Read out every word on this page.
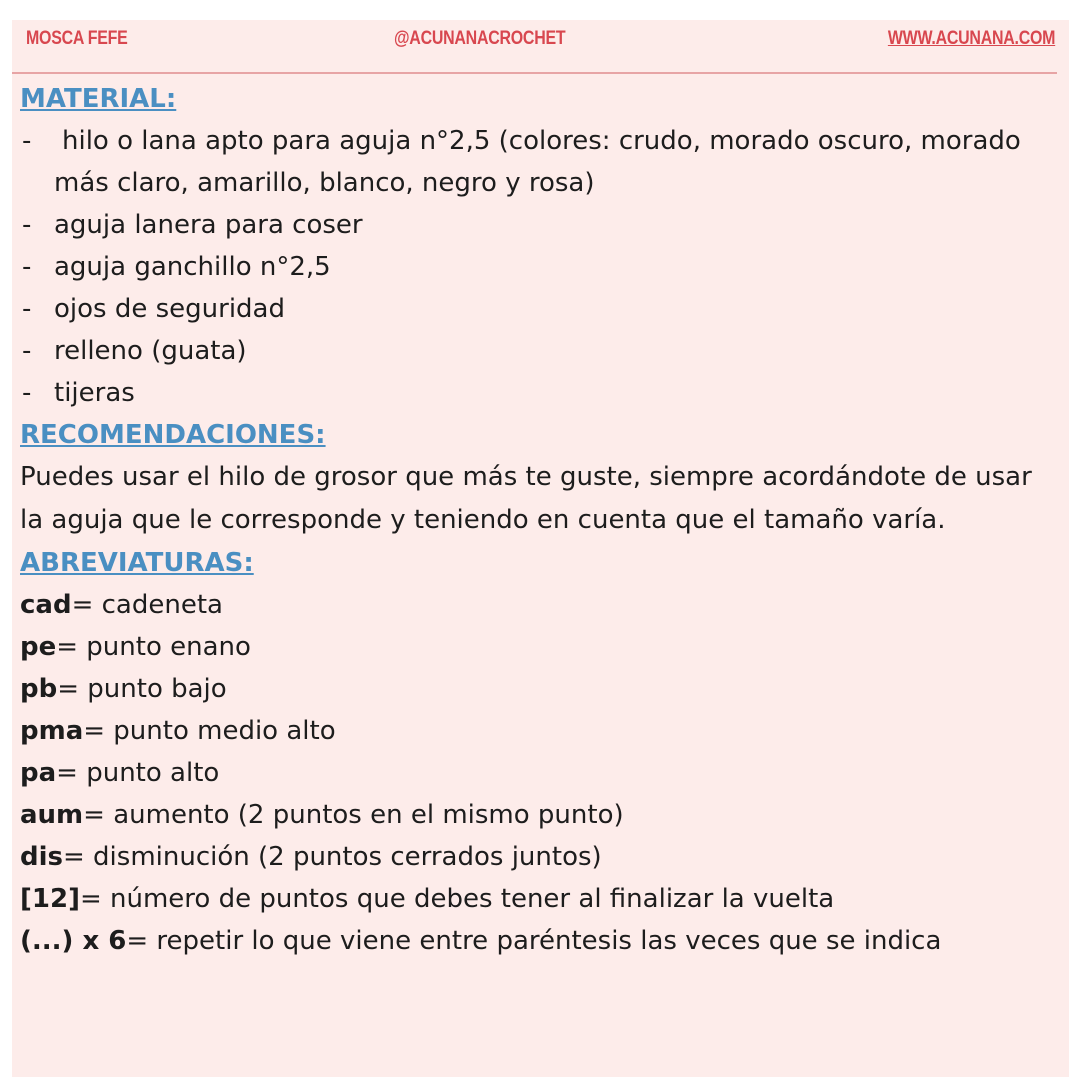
MOSCA FEFE	@ACUNANACROCHET	WWW.ACUNANA.COM
MATERIAL:
- hilo o lana apto para aguja n°2,5 (colores: crudo, morado oscuro, morado más claro, amarillo, blanco, negro y rosa)
- aguja lanera para coser
- aguja ganchillo n°2,5
- ojos de seguridad
- relleno (guata)
- tijeras
RECOMENDACIONES:

Puedes usar el hilo de grosor que más te guste, siempre acordándote de usar la aguja que le corresponde y teniendo en cuenta que el tamaño varía.

ABREVIATURAS:
cad= cadeneta
pe= punto enano
pb= punto bajo
pma= punto medio alto
pa= punto alto
aum= aumento (2 puntos en el mismo punto)
dis= disminución (2 puntos cerrados juntos)
[12]= número de puntos que debes tener al finalizar la vuelta
(...) x 6= repetir lo que viene entre paréntesis las veces que se indica
